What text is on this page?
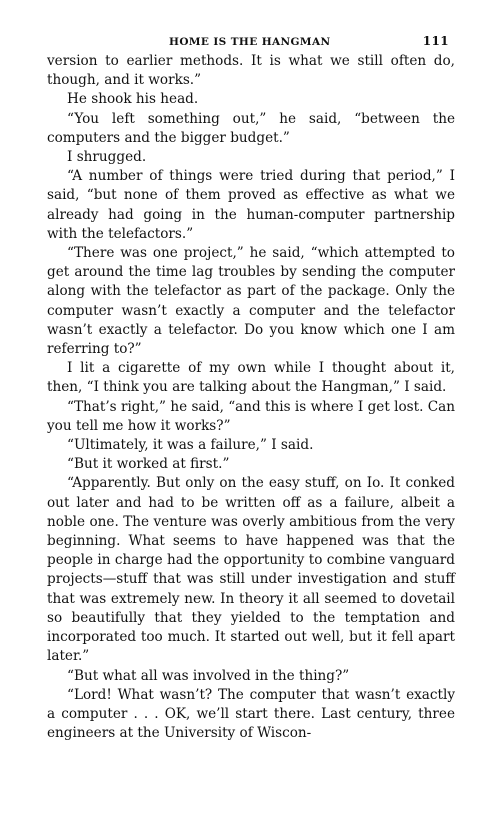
HOME IS THE HANGMAN	111

version to earlier methods. It is what we still often do, though, and it works.”

He shook his head.

“You left something out,” he said, “between the computers and the bigger budget.”

I shrugged.

“A number of things were tried during that period,” I said, “but none of them proved as effective as what we already had going in the human-computer partnership with the telefactors.”

“There was one project,” he said, “which attempted to get around the time lag troubles by sending the computer along with the telefactor as part of the package. Only the computer wasn’t exactly a computer and the telefactor wasn’t exactly a telefactor. Do you know which one I am referring to?”

I lit a cigarette of my own while I thought about it, then, “I think you are talking about the Hangman,” I said.

“That’s right,” he said, “and this is where I get lost. Can you tell me how it works?”

“Ultimately, it was a failure,” I said.

“But it worked at first.”

“Apparently. But only on the easy stuff, on Io. It conked out later and had to be written off as a failure, albeit a noble one. The venture was overly ambitious from the very beginning. What seems to have happened was that the people in charge had the opportunity to combine vanguard projects—stuff that was still under investigation and stuff that was extremely new. In theory it all seemed to dovetail so beautifully that they yielded to the temptation and incorporated too much. It started out well, but it fell apart later.”

“But what all was involved in the thing?”

“Lord! What wasn’t? The computer that wasn’t exactly a computer . . . OK, we’ll start there. Last century, three engineers at the University of Wiscon-
